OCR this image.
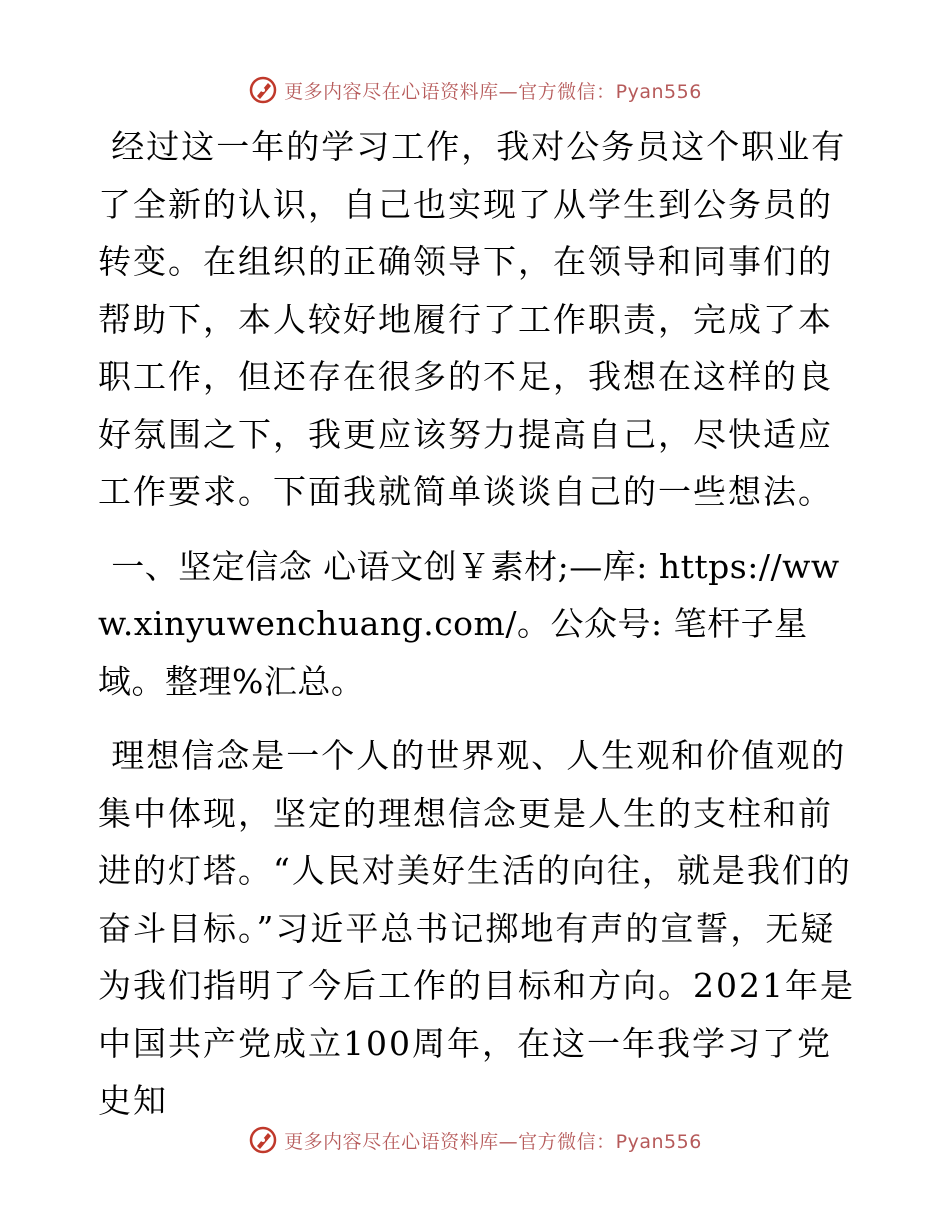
更多内容尽在心语资料库—官方微信：Pyan556

经过这一年的学习工作，我对公务员这个职业有了全新的认识，自己也实现了从学生到公务员的转变。在组织的正确领导下，在领导和同事们的帮助下，本人较好地履行了工作职责，完成了本职工作，但还存在很多的不足，我想在这样的良好氛围之下，我更应该努力提高自己，尽快适应工作要求。下面我就简单谈谈自己的一些想法。

一、坚定信念 心语文创￥素材;—库: https://www.xinyuwenchuang.com/。公众号: 笔杆子星域。整理%汇总。

理想信念是一个人的世界观、人生观和价值观的集中体现，坚定的理想信念更是人生的支柱和前进的灯塔。“人民对美好生活的向往，就是我们的奋斗目标。”习近平总书记掷地有声的宣誓，无疑为我们指明了今后工作的目标和方向。2021年是中国共产党成立100周年，在这一年我学习了党史知

更多内容尽在心语资料库—官方微信：Pyan556
